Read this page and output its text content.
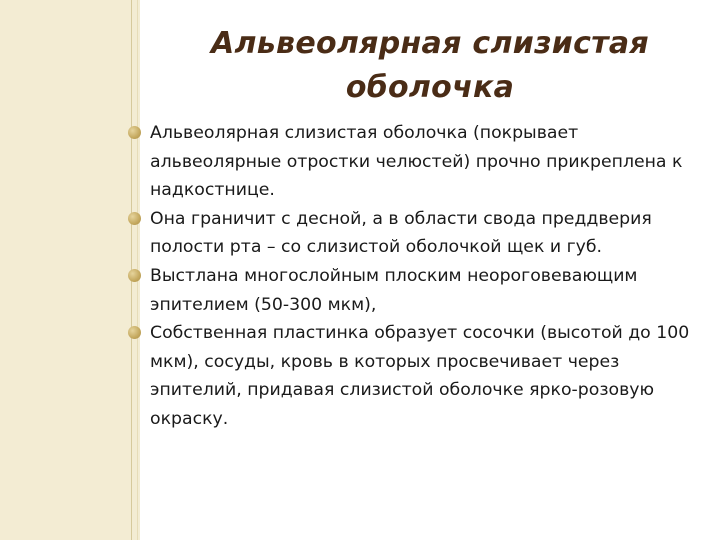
Альвеолярная слизистая
оболочка
Альвеолярная слизистая оболочка (покрывает альвеолярные отростки челюстей) прочно прикреплена к надкостнице.
Она граничит с десной, а в области свода преддверия полости рта – со слизистой оболочкой щек и губ.
Выстлана многослойным плоским неороговевающим эпителием (50-300 мкм),
Собственная пластинка образует сосочки (высотой до 100 мкм), сосуды, кровь в которых просвечивает через эпителий, придавая слизистой оболочке ярко-розовую окраску.
